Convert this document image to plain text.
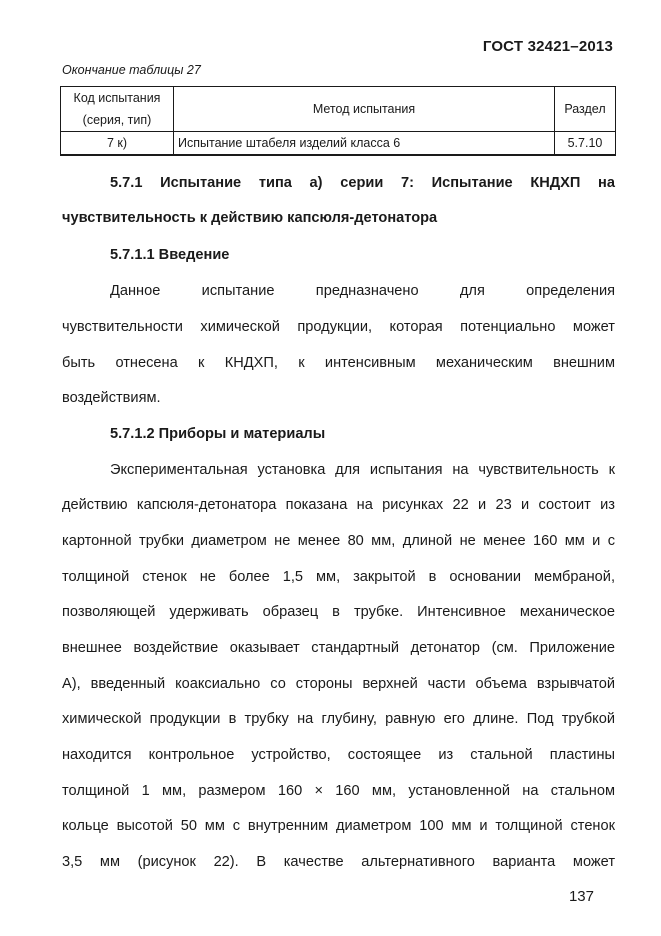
ГОСТ 32421–2013
Окончание таблицы 27
Код испытания
(серия, тип)	Метод испытания	Раздел
7 к)	Испытание штабеля изделий класса 6	5.7.10
5.7.1 Испытание типа а) серии 7: Испытание КНДХП на
чувствительность к действию капсюля-детонатора
5.7.1.1 Введение
Данное испытание предназначено для определения
чувствительности химической продукции, которая потенциально может
быть отнесена к КНДХП, к интенсивным механическим внешним
воздействиям.
5.7.1.2 Приборы и материалы
Экспериментальная установка для испытания на чувствительность к
действию капсюля-детонатора показана на рисунках 22 и 23 и состоит из
картонной трубки диаметром не менее 80 мм, длиной не менее 160 мм и с
толщиной стенок не более 1,5 мм, закрытой в основании мембраной,
позволяющей удерживать образец в трубке. Интенсивное механическое
внешнее воздействие оказывает стандартный детонатор (см. Приложение
А), введенный коаксиально со стороны верхней части объема взрывчатой
химической продукции в трубку на глубину, равную его длине. Под трубкой
находится контрольное устройство, состоящее из стальной пластины
толщиной 1 мм, размером 160 × 160 мм, установленной на стальном
кольце высотой 50 мм с внутренним диаметром 100 мм и толщиной стенок
3,5 мм (рисунок 22). В качестве альтернативного варианта может
137
